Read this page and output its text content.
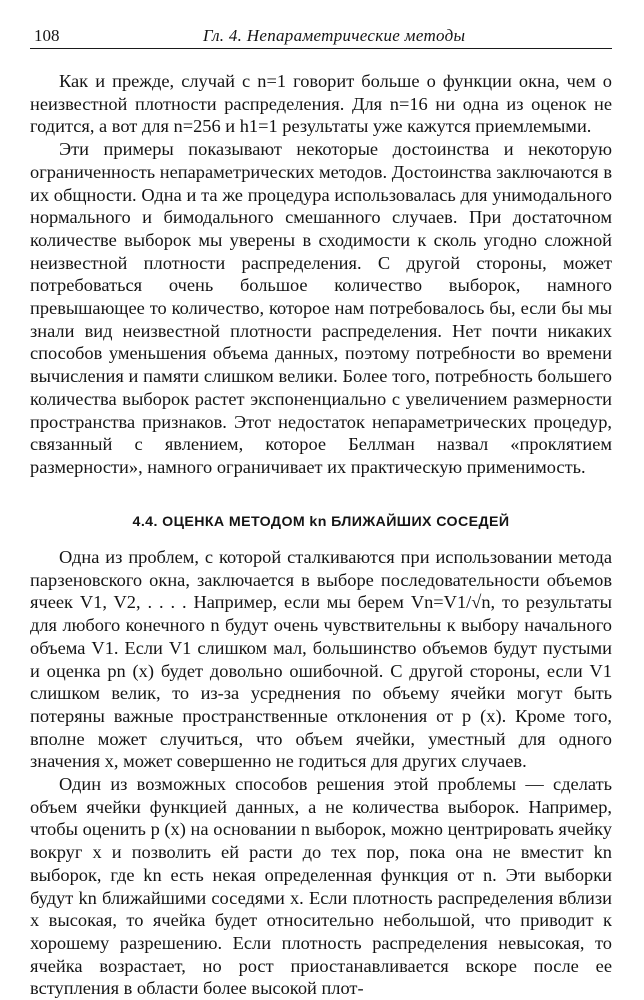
108	Гл. 4. Непараметрические методы

Как и прежде, случай с n=1 говорит больше о функции окна, чем о неизвестной плотности распределения. Для n=16 ни одна из оценок не годится, а вот для n=256 и h1=1 результаты уже кажутся приемлемыми.

Эти примеры показывают некоторые достоинства и некоторую ограниченность непараметрических методов. Достоинства заключаются в их общности. Одна и та же процедура использовалась для унимодального нормального и бимодального смешанного случаев. При достаточном количестве выборок мы уверены в сходимости к сколь угодно сложной неизвестной плотности распределения. С другой стороны, может потребоваться очень большое количество выборок, намного превышающее то количество, которое нам потребовалось бы, если бы мы знали вид неизвестной плотности распределения. Нет почти никаких способов уменьшения объема данных, поэтому потребности во времени вычисления и памяти слишком велики. Более того, потребность большего количества выборок растет экспоненциально с увеличением размерности пространства признаков. Этот недостаток непараметрических процедур, связанный с явлением, которое Беллман назвал «проклятием размерности», намного ограничивает их практическую применимость.

4.4. ОЦЕНКА МЕТОДОМ kn БЛИЖАЙШИХ СОСЕДЕЙ

Одна из проблем, с которой сталкиваются при использовании метода парзеновского окна, заключается в выборе последовательности объемов ячеек V1, V2, . . . . Например, если мы берем Vn=V1/√n, то результаты для любого конечного n будут очень чувствительны к выбору начального объема V1. Если V1 слишком мал, большинство объемов будут пустыми и оценка pn (x) будет довольно ошибочной. С другой стороны, если V1 слишком велик, то из-за усреднения по объему ячейки могут быть потеряны важные пространственные отклонения от p (x). Кроме того, вполне может случиться, что объем ячейки, уместный для одного значения x, может совершенно не годиться для других случаев.

Один из возможных способов решения этой проблемы — сделать объем ячейки функцией данных, а не количества выборок. Например, чтобы оценить p (x) на основании n выборок, можно центрировать ячейку вокруг x и позволить ей расти до тех пор, пока она не вместит kn выборок, где kn есть некая определенная функция от n. Эти выборки будут kn ближайшими соседями x. Если плотность распределения вблизи x высокая, то ячейка будет относительно небольшой, что приводит к хорошему разрешению. Если плотность распределения невысокая, то ячейка возрастает, но рост приостанавливается вскоре после ее вступления в области более высокой плот-
